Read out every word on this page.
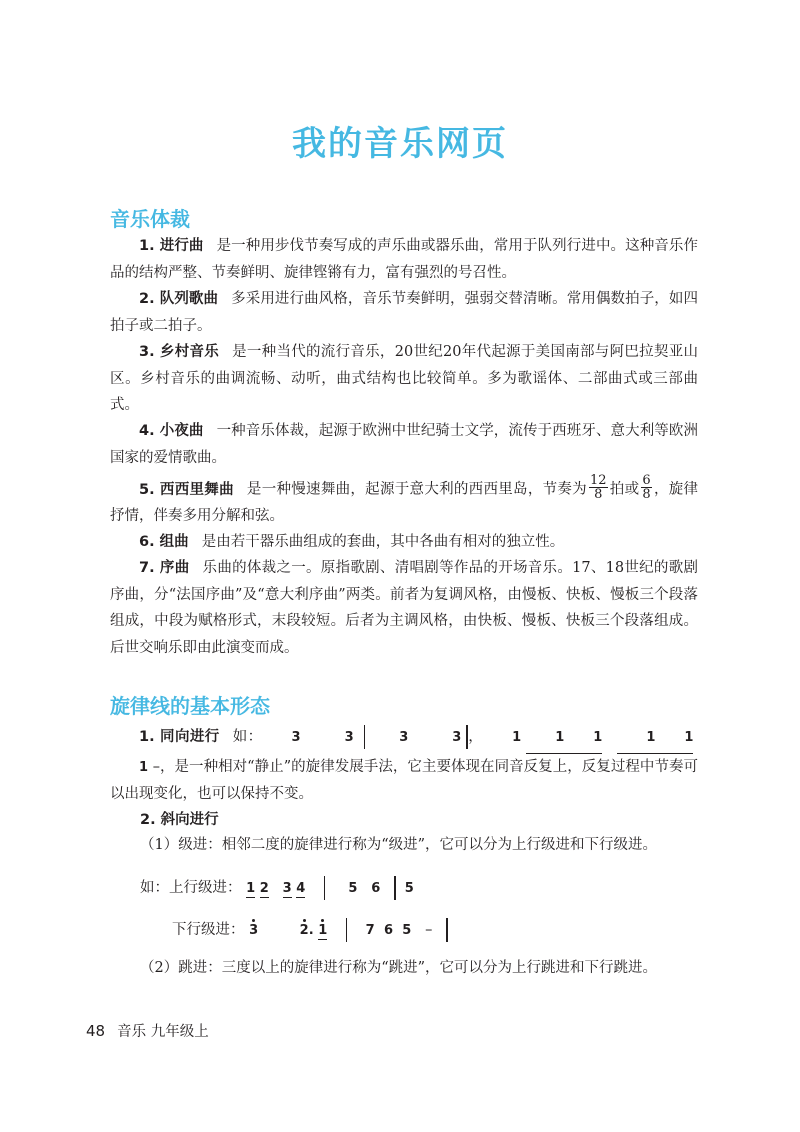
我的音乐网页
音乐体裁

1. 进行曲 是一种用步伐节奏写成的声乐曲或器乐曲，常用于队列行进中。这种音乐作品的结构严整、节奏鲜明、旋律铿锵有力，富有强烈的号召性。

2. 队列歌曲 多采用进行曲风格，音乐节奏鲜明，强弱交替清晰。常用偶数拍子，如四拍子或二拍子。

3. 乡村音乐 是一种当代的流行音乐，20世纪20年代起源于美国南部与阿巴拉契亚山区。乡村音乐的曲调流畅、动听，曲式结构也比较简单。多为歌谣体、二部曲式或三部曲式。

4. 小夜曲 一种音乐体裁，起源于欧洲中世纪骑士文学，流传于西班牙、意大利等欧洲国家的爱情歌曲。

5. 西西里舞曲 是一种慢速舞曲，起源于意大利的西西里岛，节奏为 $\frac{12}{8}$ 拍或 $\frac{6}{8}$ ，旋律抒情，伴奏多用分解和弦。

6. 组曲 是由若干器乐曲组成的套曲，其中各曲有相对的独立性。

7. 序曲 乐曲的体裁之一。原指歌剧、清唱剧等作品的开场音乐。17、18世纪的歌剧序曲，分“法国序曲”及“意大利序曲”两类。前者为复调风格，由慢板、快板、慢板三个段落组成，中段为赋格形式，末段较短。后者为主调风格，由快板、慢板、快板三个段落组成。后世交响乐即由此演变而成。

旋律线的基本形态
1. 同向进行 如： 3	3	3	3 ， 1	1 1	1 1 1 –，是一种相对“静止”的旋律发展手法，它主要体现在同音反复上，反复过程中节奏可以出现变化，也可以保持不变。

2. 斜向进行

（1）级进：相邻二度的旋律进行称为“级进”，它可以分为上行级进和下行级进。

如：上行级进： 1 2 3 4	5 6 5
下行级进： 3	2. 1	7 6 5 –

（2）跳进：三度以上的旋律进行称为“跳进”，它可以分为上行跳进和下行跳进。

48 音乐 九年级上
